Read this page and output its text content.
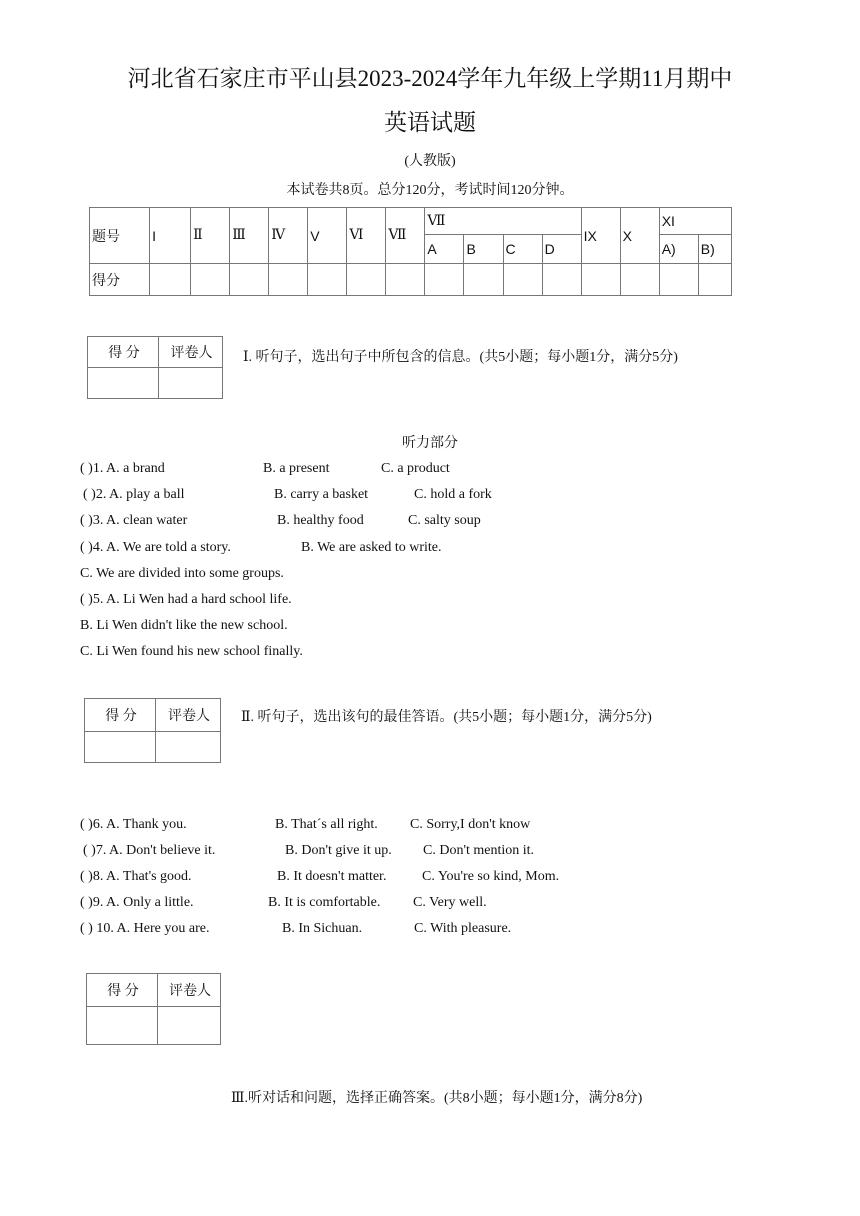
河北省石家庄市平山县2023-2024学年九年级上学期11月期中
英语试题
(人教版)
本试卷共8页。总分120分，考试时间120分钟。
题号	I	Ⅱ	Ⅲ	Ⅳ	V	Ⅵ	Ⅶ	Ⅶ				IX	X	XI	
								A	B	C	D			A)	B)
得分															
得 分	评卷人
	Ⅰ. 听句子，选出句子中所包含的信息。(共5小题；每小题1分，满分5分)
听力部分
( )1. A. a brand	B. a present	C. a product
( )2. A. play a ball	B. carry a basket	C. hold a fork
( )3. A. clean water	B. healthy food	C. salty soup
( )4. A. We are told a story.	B. We are asked to write.
C. We are divided into some groups.
( )5. A. Li Wen had a hard school life.
B. Li Wen didn't like the new school.
C. Li Wen found his new school finally.
得 分	评卷人
	Ⅱ. 听句子，选出该句的最佳答语。(共5小题；每小题1分，满分5分)
( )6. A. Thank you.	B. That´s all right. C. Sorry,I don't know
( )7. A. Don't believe it.	B. Don't give it up. C. Don't mention it.
( )8. A. That's good.	B. It doesn't matter.	C. You're so kind, Mom.
( )9. A. Only a little.	B. It is comfortable. C. Very well.
( ) 10. A. Here you are.	B. In Sichuan.	C. With pleasure.
得 分	评卷人

Ⅲ.听对话和问题，选择正确答案。(共8小题；每小题1分，满分8分)
